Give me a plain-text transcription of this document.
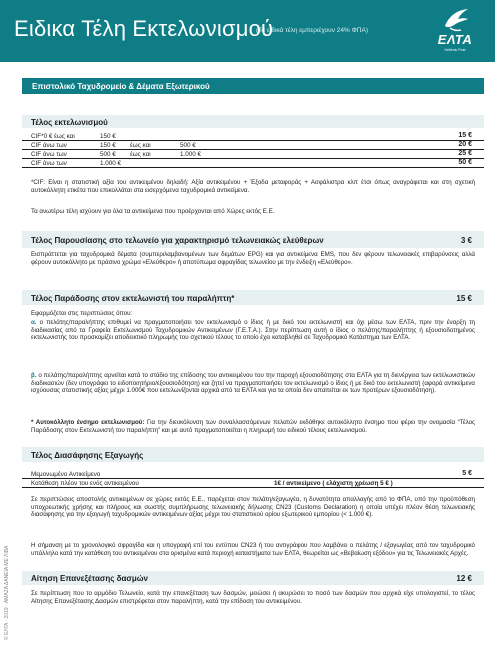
Ειδικα Τέλη Εκτελωνισμού
(Τα ειδικά τέλη εμπεριέχουν 24% ΦΠΑ)
ΕΛΤΑ
Hellenic Post
© ΕΛΤΑ · 2019 · ΑΜΑΖΑ ΔΑΝΕΙΑ ΜΕ ΛΙΒΑ
Επιστολικό Ταχυδρομείο & Δέματα Εξωτερικού
Τέλος εκτελωνισμού
CIF*0 € έως και	150 €	15 €
CIF άνω των	150 € έως και	500 €	20 €
CIF άνω των	500 € έως και	1.000 €	25 €
CIF άνω των	1.000 €	50 €
*CIF: Είναι η στατιστική αξία του αντικειμένου δηλαδή: Αξία αντικειμένου + Έξοδα μεταφοράς + Ασφάλιστρα κλπ έτσι όπως αναγράφεται και στη σχετική αυτοκόλλητη ετικέτα που επικολλάται στα εισερχόμενα ταχυδρομικά αντικείμενα.
Τα ανωτέρω τέλη ισχύουν για όλα τα αντικείμενα που προέρχονται από Χώρες εκτός Ε.Ε.
Τέλος Παρουσίασης στο τελωνείο για χαρακτηρισμό τελωνειακώς ελεύθερων	3 €
Εισπράττεται για ταχυδρομικά δέματα (συμπεριλαμβανομένων των δεμάτων EPG) και για αντικείμενα EMS, που δεν φέρουν τελωνειακές επιβαρύνσεις αλλά φέρουν αυτοκόλλητο με πράσινο χρώμα «Ελεύθερο» ή αποτύπωμα σφραγίδας τελωνείου με την ένδειξη «Ελεύθερο».
Τέλος Παράδοσης στον εκτελωνιστή του παραλήπτη*	15 €
Εφαρμόζεται στις περιπτώσεις όπου:
α. ο πελάτης/παραλήπτης επιθυμεί να πραγματοποιήσει τον εκτελωνισμό ο ίδιος ή με δικό του εκτελωνιστή και όχι μέσω των ΕΛΤΑ, πριν την έναρξη τη διαδικασίας από τα Γραφεία Εκτελωνισμού Ταχυδρομικών Αντικειμένων (Γ.Ε.Τ.Α.). Στην περίπτωση αυτή ο ίδιος ο πελάτης/παραλήπτης ή εξουσιοδοτημένος εκτελωνιστής του προσκομίζει αποδεικτικό πληρωμής του σχετικού τέλους το οποίο έχει καταβληθεί σε Ταχυδρομικό Κατάστημα των ΕΛΤΑ.
β. ο πελάτης/παραλήπτης αρνείται κατά το στάδιο της επίδοσης του αντικειμένου του την παροχή εξουσιοδότησης στα ΕΛΤΑ για τη διενέργεια των εκτελωνιστικών διαδικασιών (δεν υπογράφει το ειδοποιητήριο/εξουσιοδότηση) και ζητεί να πραγματοποιήσει τον εκτελωνισμό ο ίδιος ή με δικό του εκτελωνιστή (αφορά αντικείμενα ισχύουσας στατιστικής αξίας μέχρι 1.000€ που εκτελωνίζονται αρχικά από τα ΕΛΤΑ και για τα οποία δεν απαιτείται εκ των προτέρων εξουσιοδότηση).
* Αυτοκόλλητο ένσημο εκτελωνισμού: Για την διευκόλυνση των συναλλασσόμενων πελατών εκδόθηκε αυτοκόλλητο ένσημο που φέρει την ονομασία “Τέλος Παράδοσης στον Εκτελωνιστή του παραλήπτη” και με αυτό πραγματοποιείται η πληρωμή του ειδικού τέλους εκτελωνισμού.
Τέλος Διασάφησης Εξαγωγής
Μεμονωμένο Αντικείμενο	5 €
Κατάθεση πλέον του ενός αντικειμένου	1€ / αντικείμενο ( ελάχιστη χρέωση 5 € )
Σε περιπτώσεις αποστολής αντικειμένων σε χώρες εκτός Ε.Ε., παρέχεται στον πελάτη/εξαγωγέα, η δυνατότητα απαλλαγής από το ΦΠΑ, υπό την προϋπόθεση υποχρεωτικής χρήσης και πλήρους και σωστής συμπλήρωσης τελωνειακής δήλωσης CN23 (Customs Declaration) η οποία υπέχει πλέον θέση τελωνειακής διασάφησης για την εξαγωγή ταχυδρομικών αντικειμένων αξίας μέχρι του στατιστικού ορίου εξωτερικού εμπορίου (< 1.000 €).
Η σήμανση με το χρονολογικό σφραγίδα και η υπογραφή επί του εντύπου CN23 ή του αντιγράφου που λαμβάνει ο πελάτης / εξαγωγέας από τον ταχυδρομικό υπάλληλο κατά την κατάθεση του αντικειμένου στα ορισμένα κατά περιοχή καταστήματα των ΕΛΤΑ, θεωρείται ως «Βεβαίωση εξόδου» για τις Τελωνειακές Αρχές.
Αίτηση Επανεξέτασης δασμών	12 €
Σε περίπτωση που το αρμόδιο Τελωνείο, κατά την επανεξέταση των δασμών, μειώσει ή ακυρώσει το ποσό των δασμών που αρχικά είχε υπολογιστεί, το τέλος Αίτησης Επανεξέτασης Δασμών επιστρέφεται στον παραλήπτη, κατά την επίδοση του αντικειμένου.
